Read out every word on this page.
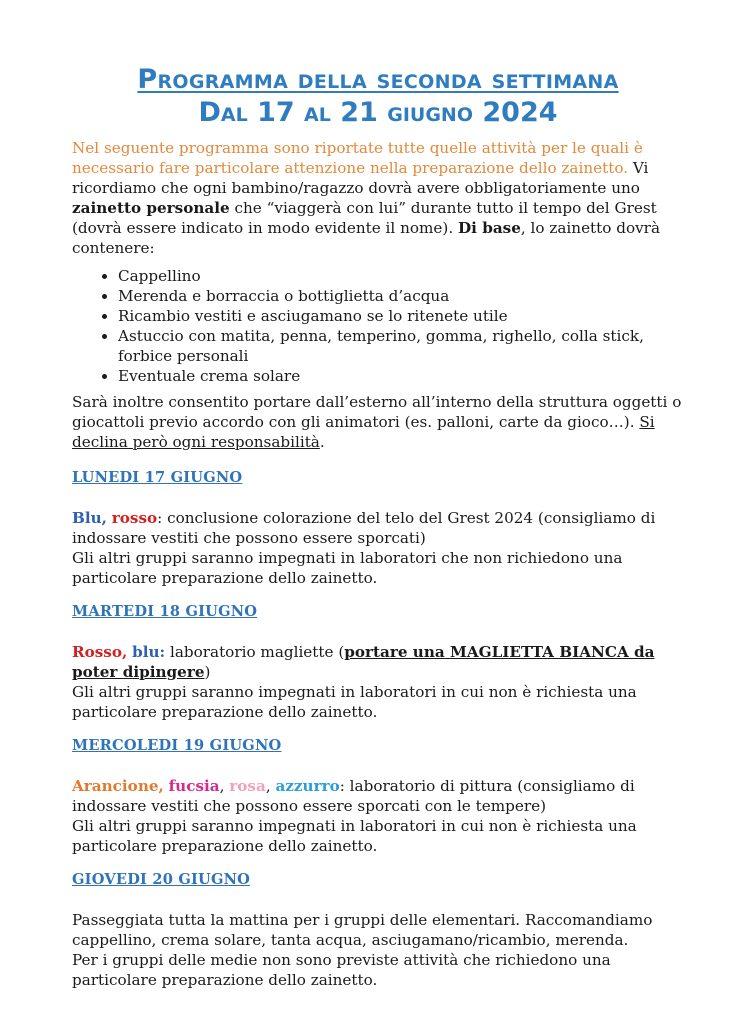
Programma della seconda settimana
Dal 17 al 21 giugno 2024

Nel seguente programma sono riportate tutte quelle attività per le quali è necessario fare particolare attenzione nella preparazione dello zainetto. Vi ricordiamo che ogni bambino/ragazzo dovrà avere obbligatoriamente uno zainetto personale che “viaggerà con lui” durante tutto il tempo del Grest (dovrà essere indicato in modo evidente il nome). Di base, lo zainetto dovrà contenere:

• Cappellino
• Merenda e borraccia o bottiglietta d’acqua
• Ricambio vestiti e asciugamano se lo ritenete utile
• Astuccio con matita, penna, temperino, gomma, righello, colla stick, forbice personali
• Eventuale crema solare

Sarà inoltre consentito portare dall’esterno all’interno della struttura oggetti o giocattoli previo accordo con gli animatori (es. palloni, carte da gioco…). Si declina però ogni responsabilità.

LUNEDI 17 GIUGNO

Blu, rosso: conclusione colorazione del telo del Grest 2024 (consigliamo di indossare vestiti che possono essere sporcati)

Gli altri gruppi saranno impegnati in laboratori che non richiedono una particolare preparazione dello zainetto.

MARTEDI 18 GIUGNO

Rosso, blu: laboratorio magliette (portare una MAGLIETTA BIANCA da poter dipingere)

Gli altri gruppi saranno impegnati in laboratori in cui non è richiesta una particolare preparazione dello zainetto.

MERCOLEDI 19 GIUGNO

Arancione, fucsia, rosa, azzurro: laboratorio di pittura (consigliamo di indossare vestiti che possono essere sporcati con le tempere)

Gli altri gruppi saranno impegnati in laboratori in cui non è richiesta una particolare preparazione dello zainetto.

GIOVEDI 20 GIUGNO

Passeggiata tutta la mattina per i gruppi delle elementari. Raccomandiamo cappellino, crema solare, tanta acqua, asciugamano/ricambio, merenda.

Per i gruppi delle medie non sono previste attività che richiedono una particolare preparazione dello zainetto.
